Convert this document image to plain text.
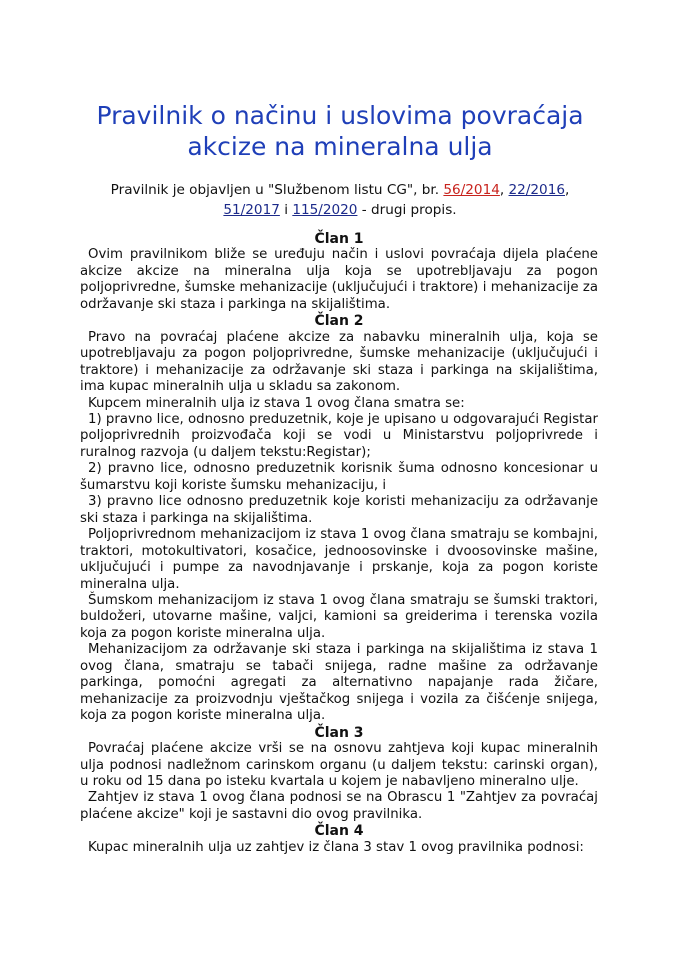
Pravilnik o načinu i uslovima povraćaja akcize na mineralna ulja
Pravilnik je objavljen u "Službenom listu CG", br. 56/2014, 22/2016,
51/2017 i 115/2020 - drugi propis.
Član 1

Ovim pravilnikom bliže se uređuju način i uslovi povraćaja dijela plaćene akcize akcize na mineralna ulja koja se upotrebljavaju za pogon poljoprivredne, šumske mehanizacije (uključujući i traktore) i mehanizacije za održavanje ski staza i parkinga na skijalištima.

Član 2

Pravo na povraćaj plaćene akcize za nabavku mineralnih ulja, koja se upotrebljavaju za pogon poljoprivredne, šumske mehanizacije (uključujući i traktore) i mehanizacije za održavanje ski staza i parkinga na skijalištima, ima kupac mineralnih ulja u skladu sa zakonom.

Kupcem mineralnih ulja iz stava 1 ovog člana smatra se:

1) pravno lice, odnosno preduzetnik, koje je upisano u odgovarajući Registar poljoprivrednih proizvođača koji se vodi u Ministarstvu poljoprivrede i ruralnog razvoja (u daljem tekstu:Registar);

2) pravno lice, odnosno preduzetnik korisnik šuma odnosno koncesionar u šumarstvu koji koriste šumsku mehanizaciju, i

3) pravno lice odnosno preduzetnik koje koristi mehanizaciju za održavanje ski staza i parkinga na skijalištima.

Poljoprivrednom mehanizacijom iz stava 1 ovog člana smatraju se kombajni, traktori, motokultivatori, kosačice, jednoosovinske i dvoosovinske mašine, uključujući i pumpe za navodnjavanje i prskanje, koja za pogon koriste mineralna ulja.

Šumskom mehanizacijom iz stava 1 ovog člana smatraju se šumski traktori, buldožeri, utovarne mašine, valjci, kamioni sa greiderima i terenska vozila koja za pogon koriste mineralna ulja.

Mehanizacijom za održavanje ski staza i parkinga na skijalištima iz stava 1 ovog člana, smatraju se tabači snijega, radne mašine za održavanje parkinga, pomoćni agregati za alternativno napajanje rada žičare, mehanizacije za proizvodnju vještačkog snijega i vozila za čišćenje snijega, koja za pogon koriste mineralna ulja.

Član 3

Povraćaj plaćene akcize vrši se na osnovu zahtjeva koji kupac mineralnih ulja podnosi nadležnom carinskom organu (u daljem tekstu: carinski organ), u roku od 15 dana po isteku kvartala u kojem je nabavljeno mineralno ulje.

Zahtjev iz stava 1 ovog člana podnosi se na Obrascu 1 "Zahtjev za povraćaj plaćene akcize" koji je sastavni dio ovog pravilnika.

Član 4

Kupac mineralnih ulja uz zahtjev iz člana 3 stav 1 ovog pravilnika podnosi:
